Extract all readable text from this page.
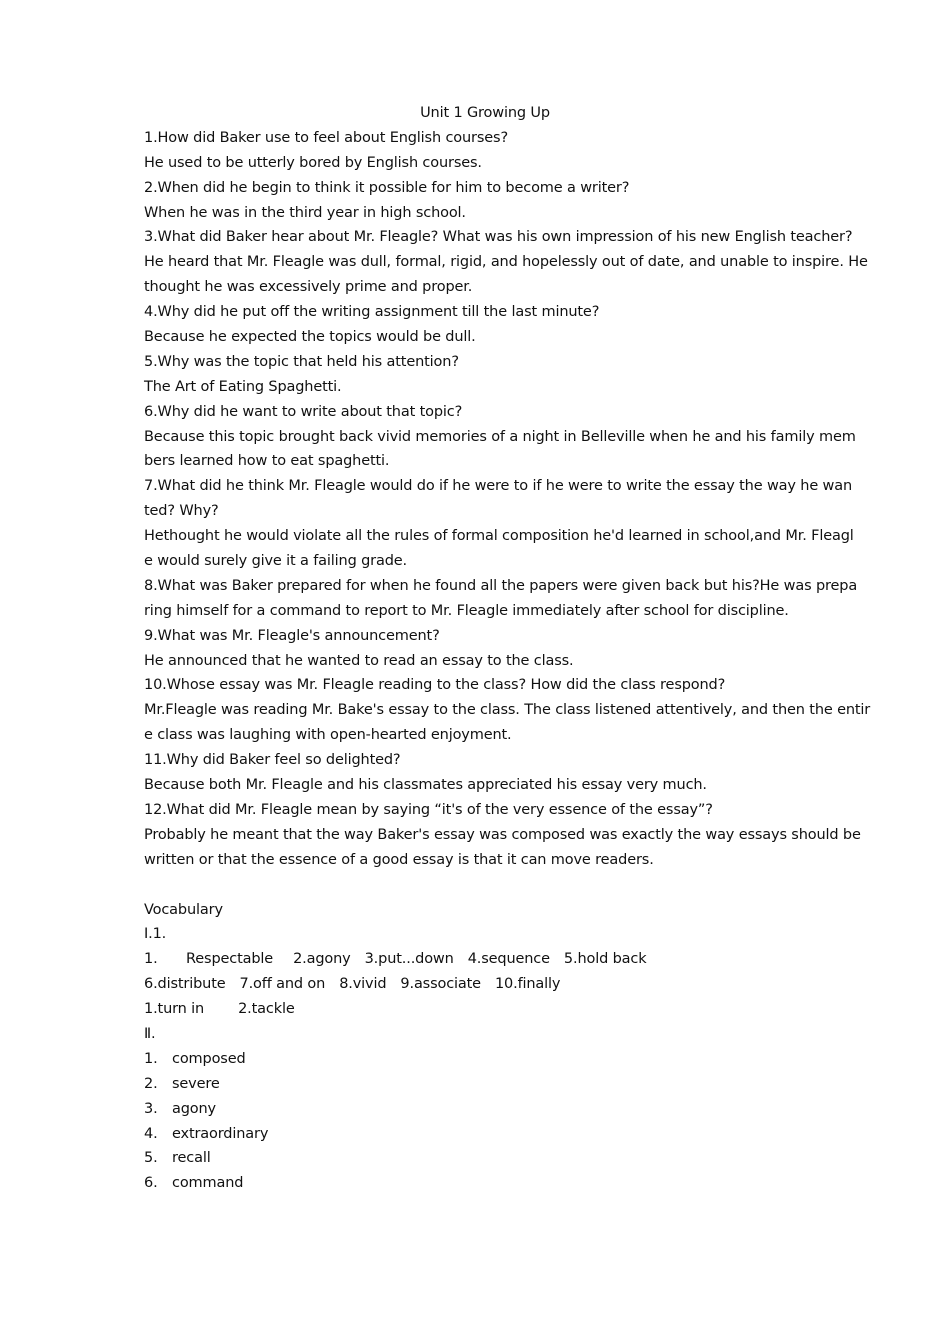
Unit 1 Growing Up
1.How did Baker use to feel about English courses?
He used to be utterly bored by English courses.
2.When did he begin to think it possible for him to become a writer?
When he was in the third year in high school.
3.What did Baker hear about Mr. Fleagle? What was his own impression of his new English teacher?
He heard that Mr. Fleagle was dull, formal, rigid, and hopelessly out of date, and unable to inspire. He
thought he was excessively prime and proper.
4.Why did he put off the writing assignment till the last minute?
Because he expected the topics would be dull.
5.Why was the topic that held his attention?
The Art of Eating Spaghetti.
6.Why did he want to write about that topic?
Because this topic brought back vivid memories of a night in Belleville when he and his family mem
bers learned how to eat spaghetti.
7.What did he think Mr. Fleagle would do if he were to if he were to write the essay the way he wan
ted? Why?
Hethought he would violate all the rules of formal composition he'd learned in school,and Mr. Fleagl
e would surely give it a failing grade.
8.What was Baker prepared for when he found all the papers were given back but his?He was prepa
ring himself for a command to report to Mr. Fleagle immediately after school for discipline.
9.What was Mr. Fleagle's announcement?
He announced that he wanted to read an essay to the class.
10.Whose essay was Mr. Fleagle reading to the class? How did the class respond?
Mr.Fleagle was reading Mr. Bake's essay to the class. The class listened attentively, and then the entir
e class was laughing with open-hearted enjoyment.
11.Why did Baker feel so delighted?
Because both Mr. Fleagle and his classmates appreciated his essay very much.
12.What did Mr. Fleagle mean by saying “it's of the very essence of the essay”?
Probably he meant that the way Baker's essay was composed was exactly the way essays should be
written or that the essence of a good essay is that it can move readers.
Vocabulary
Ⅰ.1.
1.	Respectable 2.agony 3.put...down 4.sequence 5.hold back
6.distribute 7.off and on 8.vivid 9.associate 10.finally
1.turn in 2.tackle
Ⅱ.
1. composed
2. severe
3. agony
4. extraordinary
5. recall
6. command
